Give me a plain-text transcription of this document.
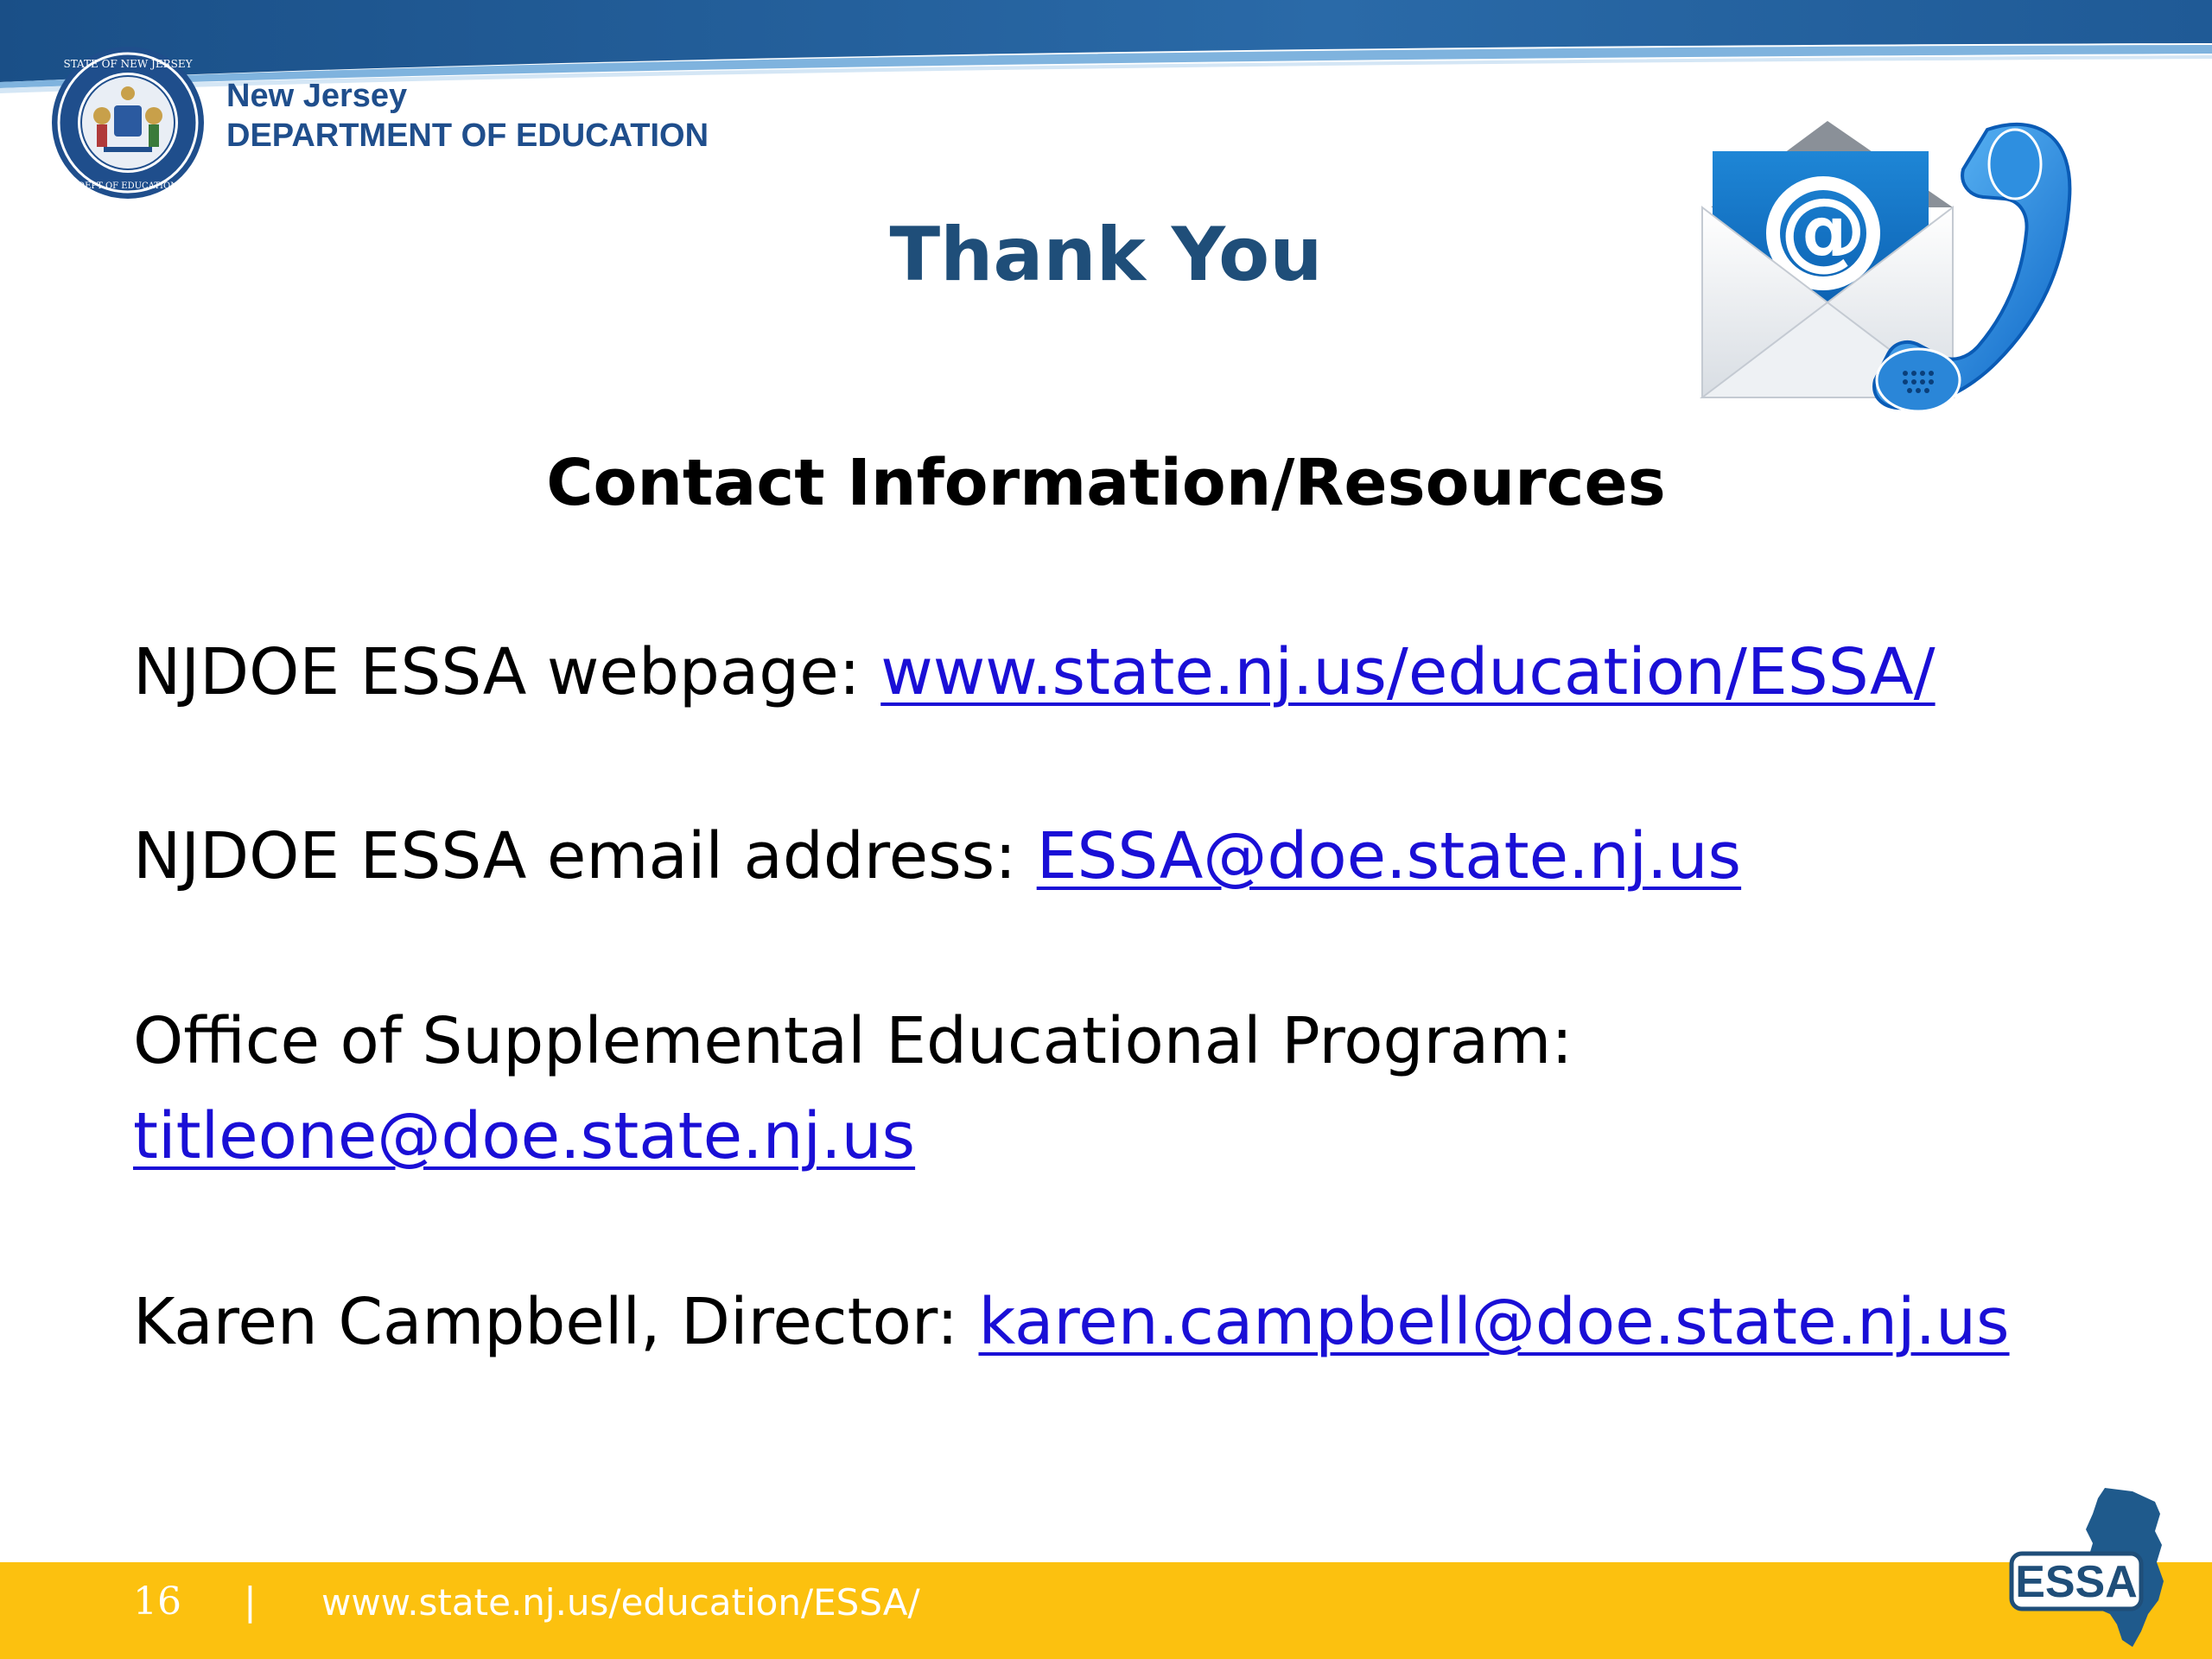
STATE OF NEW JERSEY
DEPT OF EDUCATION
New Jersey
DEPARTMENT OF EDUCATION
Thank You	@
Contact Information/Resources
NJDOE ESSA webpage: www.state.nj.us/education/ESSA/
NJDOE ESSA email address: ESSA@doe.state.nj.us
Office of Supplemental Educational Program:
titleone@doe.state.nj.us
Karen Campbell, Director: karen.campbell@doe.state.nj.us
16 | www.state.nj.us/education/ESSA/	ESSA
